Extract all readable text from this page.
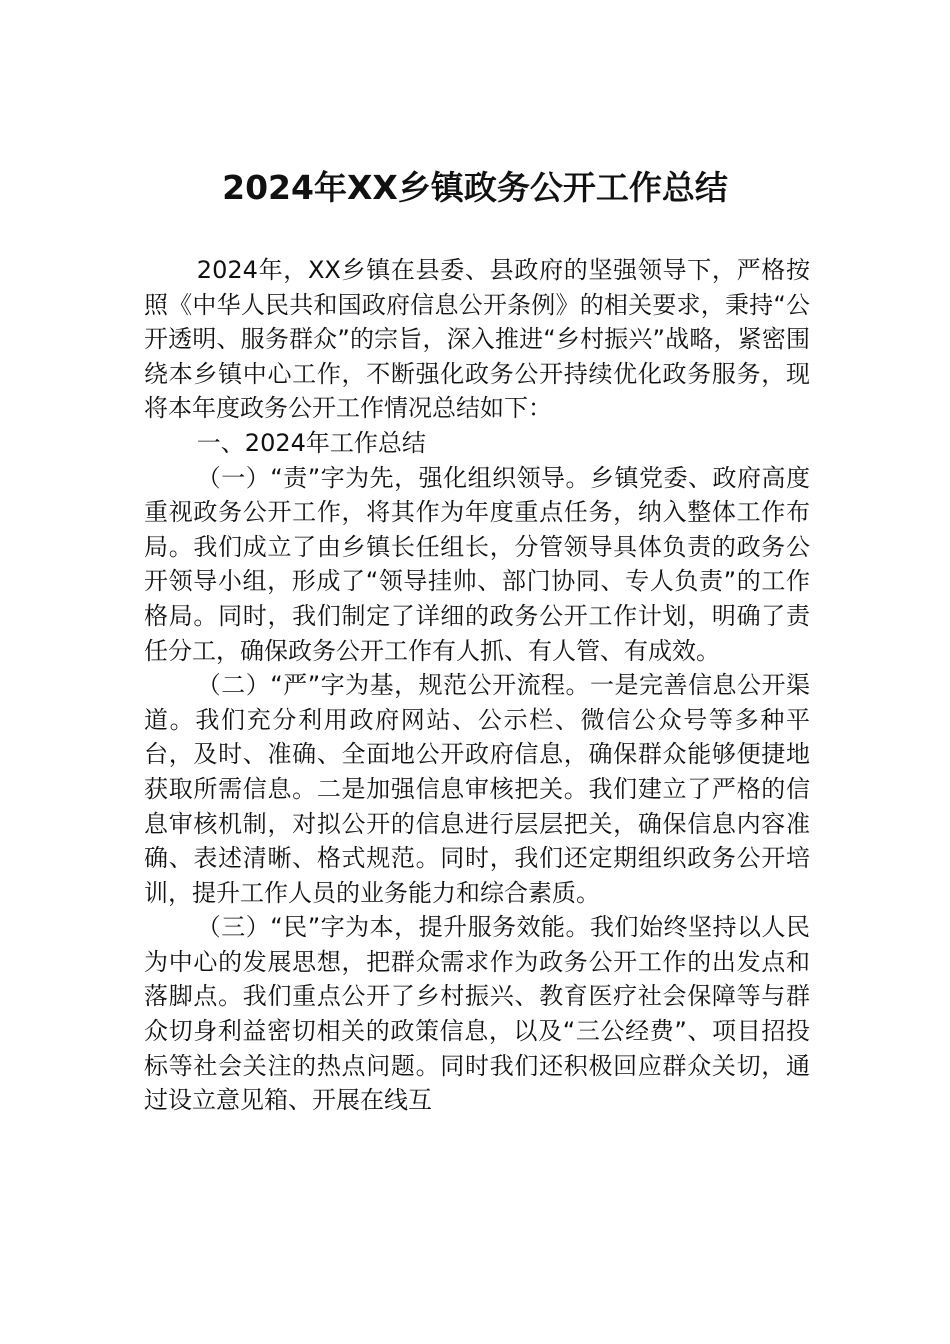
2024年XX乡镇政务公开工作总结

2024年，XX乡镇在县委、县政府的坚强领导下，严格按照《中华人民共和国政府信息公开条例》的相关要求，秉持“公开透明、服务群众”的宗旨，深入推进“乡村振兴”战略，紧密围绕本乡镇中心工作，不断强化政务公开持续优化政务服务，现将本年度政务公开工作情况总结如下：

一、2024年工作总结

（一）“责”字为先，强化组织领导。乡镇党委、政府高度重视政务公开工作，将其作为年度重点任务，纳入整体工作布局。我们成立了由乡镇长任组长，分管领导具体负责的政务公开领导小组，形成了“领导挂帅、部门协同、专人负责”的工作格局。同时，我们制定了详细的政务公开工作计划，明确了责任分工，确保政务公开工作有人抓、有人管、有成效。

（二）“严”字为基，规范公开流程。一是完善信息公开渠道。我们充分利用政府网站、公示栏、微信公众号等多种平台，及时、准确、全面地公开政府信息，确保群众能够便捷地获取所需信息。二是加强信息审核把关。我们建立了严格的信息审核机制，对拟公开的信息进行层层把关，确保信息内容准确、表述清晰、格式规范。同时，我们还定期组织政务公开培训，提升工作人员的业务能力和综合素质。

（三）“民”字为本，提升服务效能。我们始终坚持以人民为中心的发展思想，把群众需求作为政务公开工作的出发点和落脚点。我们重点公开了乡村振兴、教育医疗社会保障等与群众切身利益密切相关的政策信息，以及“三公经费”、项目招投标等社会关注的热点问题。同时我们还积极回应群众关切，通过设立意见箱、开展在线互
